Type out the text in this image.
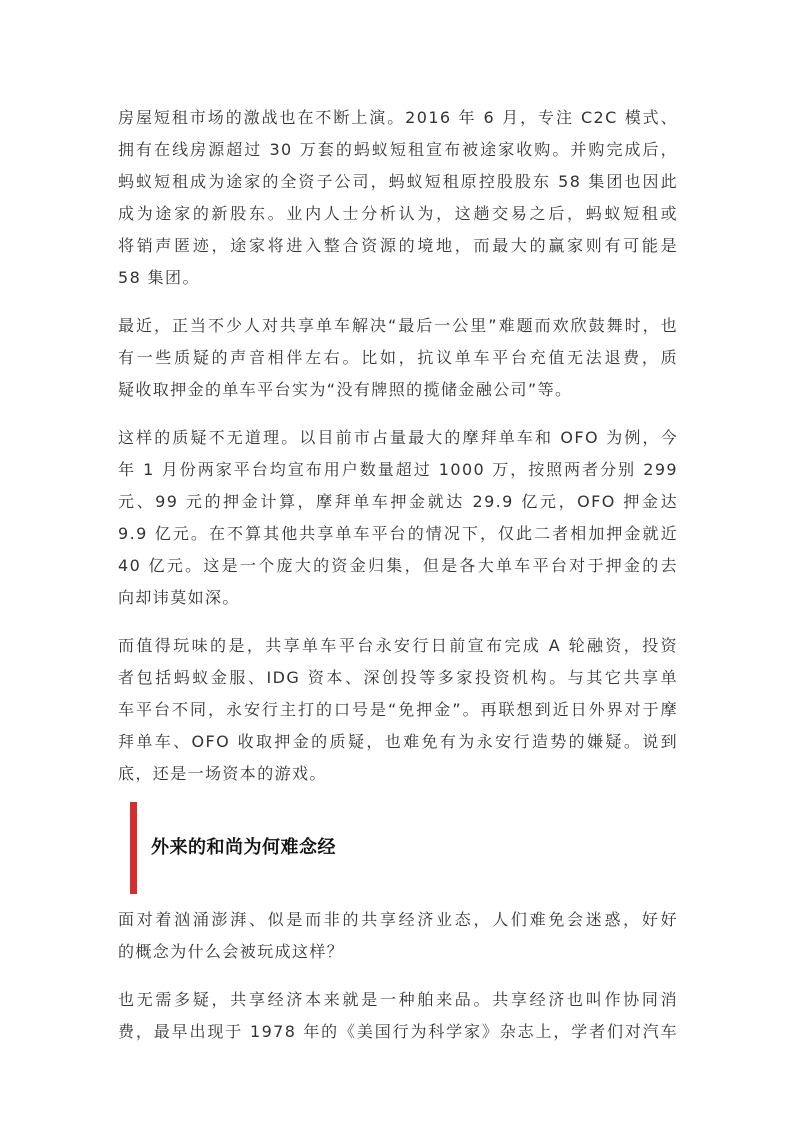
房屋短租市场的激战也在不断上演。2016 年 6 月，专注 C2C 模式、
拥有在线房源超过 30 万套的蚂蚁短租宣布被途家收购。并购完成后，
蚂蚁短租成为途家的全资子公司，蚂蚁短租原控股股东 58 集团也因此
成为途家的新股东。业内人士分析认为，这趟交易之后，蚂蚁短租或
将销声匿迹，途家将进入整合资源的境地，而最大的赢家则有可能是
58 集团。

最近，正当不少人对共享单车解决“最后一公里”难题而欢欣鼓舞时，也
有一些质疑的声音相伴左右。比如，抗议单车平台充值无法退费，质
疑收取押金的单车平台实为“没有牌照的揽储金融公司”等。

这样的质疑不无道理。以目前市占量最大的摩拜单车和 OFO 为例，今
年 1 月份两家平台均宣布用户数量超过 1000 万，按照两者分别 299
元、99 元的押金计算，摩拜单车押金就达 29.9 亿元，OFO 押金达
9.9 亿元。在不算其他共享单车平台的情况下，仅此二者相加押金就近
40 亿元。这是一个庞大的资金归集，但是各大单车平台对于押金的去
向却讳莫如深。

而值得玩味的是，共享单车平台永安行日前宣布完成 A 轮融资，投资
者包括蚂蚁金服、IDG 资本、深创投等多家投资机构。与其它共享单
车平台不同，永安行主打的口号是“免押金”。再联想到近日外界对于摩
拜单车、OFO 收取押金的质疑，也难免有为永安行造势的嫌疑。说到
底，还是一场资本的游戏。

外来的和尚为何难念经

面对着汹涌澎湃、似是而非的共享经济业态，人们难免会迷惑，好好
的概念为什么会被玩成这样？

也无需多疑，共享经济本来就是一种舶来品。共享经济也叫作协同消
费，最早出现于 1978 年的《美国行为科学家》杂志上，学者们对汽车
